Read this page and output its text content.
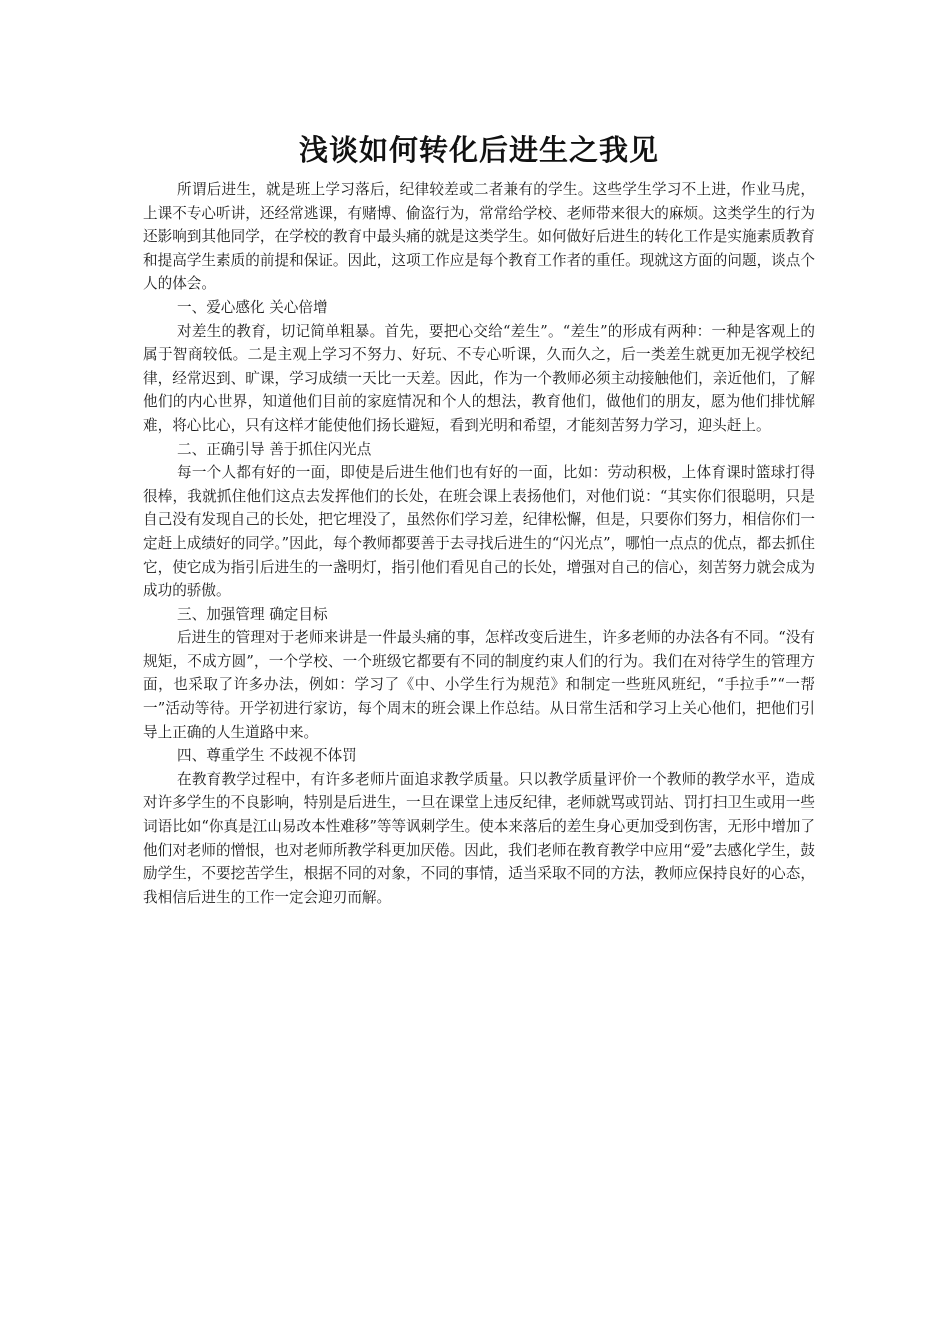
浅谈如何转化后进生之我见

所谓后进生，就是班上学习落后，纪律较差或二者兼有的学生。这些学生学习不上进，作业马虎，上课不专心听讲，还经常逃课，有赌博、偷盗行为，常常给学校、老师带来很大的麻烦。这类学生的行为还影响到其他同学，在学校的教育中最头痛的就是这类学生。如何做好后进生的转化工作是实施素质教育和提高学生素质的前提和保证。因此，这项工作应是每个教育工作者的重任。现就这方面的问题，谈点个人的体会。

一、爱心感化 关心倍增

对差生的教育，切记简单粗暴。首先，要把心交给“差生”。“差生”的形成有两种：一种是客观上的属于智商较低。二是主观上学习不努力、好玩、不专心听课，久而久之，后一类差生就更加无视学校纪律，经常迟到、旷课，学习成绩一天比一天差。因此，作为一个教师必须主动接触他们，亲近他们，了解他们的内心世界，知道他们目前的家庭情况和个人的想法，教育他们，做他们的朋友，愿为他们排忧解难，将心比心，只有这样才能使他们扬长避短，看到光明和希望，才能刻苦努力学习，迎头赶上。

二、正确引导 善于抓住闪光点

每一个人都有好的一面，即使是后进生他们也有好的一面，比如：劳动积极，上体育课时篮球打得很棒，我就抓住他们这点去发挥他们的长处，在班会课上表扬他们，对他们说：“其实你们很聪明，只是自己没有发现自己的长处，把它埋没了，虽然你们学习差，纪律松懈，但是，只要你们努力，相信你们一定赶上成绩好的同学。”因此，每个教师都要善于去寻找后进生的“闪光点”，哪怕一点点的优点，都去抓住它，使它成为指引后进生的一盏明灯，指引他们看见自己的长处，增强对自己的信心，刻苦努力就会成为成功的骄傲。

三、加强管理 确定目标

后进生的管理对于老师来讲是一件最头痛的事，怎样改变后进生，许多老师的办法各有不同。“没有规矩，不成方圆”，一个学校、一个班级它都要有不同的制度约束人们的行为。我们在对待学生的管理方面，也采取了许多办法，例如：学习了《中、小学生行为规范》和制定一些班风班纪，“手拉手”“一帮一”活动等待。开学初进行家访，每个周末的班会课上作总结。从日常生活和学习上关心他们，把他们引导上正确的人生道路中来。

四、尊重学生 不歧视不体罚

在教育教学过程中，有许多老师片面追求教学质量。只以教学质量评价一个教师的教学水平，造成对许多学生的不良影响，特别是后进生，一旦在课堂上违反纪律，老师就骂或罚站、罚打扫卫生或用一些词语比如“你真是江山易改本性难移”等等讽刺学生。使本来落后的差生身心更加受到伤害，无形中增加了他们对老师的憎恨，也对老师所教学科更加厌倦。因此，我们老师在教育教学中应用“爱”去感化学生，鼓励学生，不要挖苦学生，根据不同的对象，不同的事情，适当采取不同的方法，教师应保持良好的心态，我相信后进生的工作一定会迎刃而解。
